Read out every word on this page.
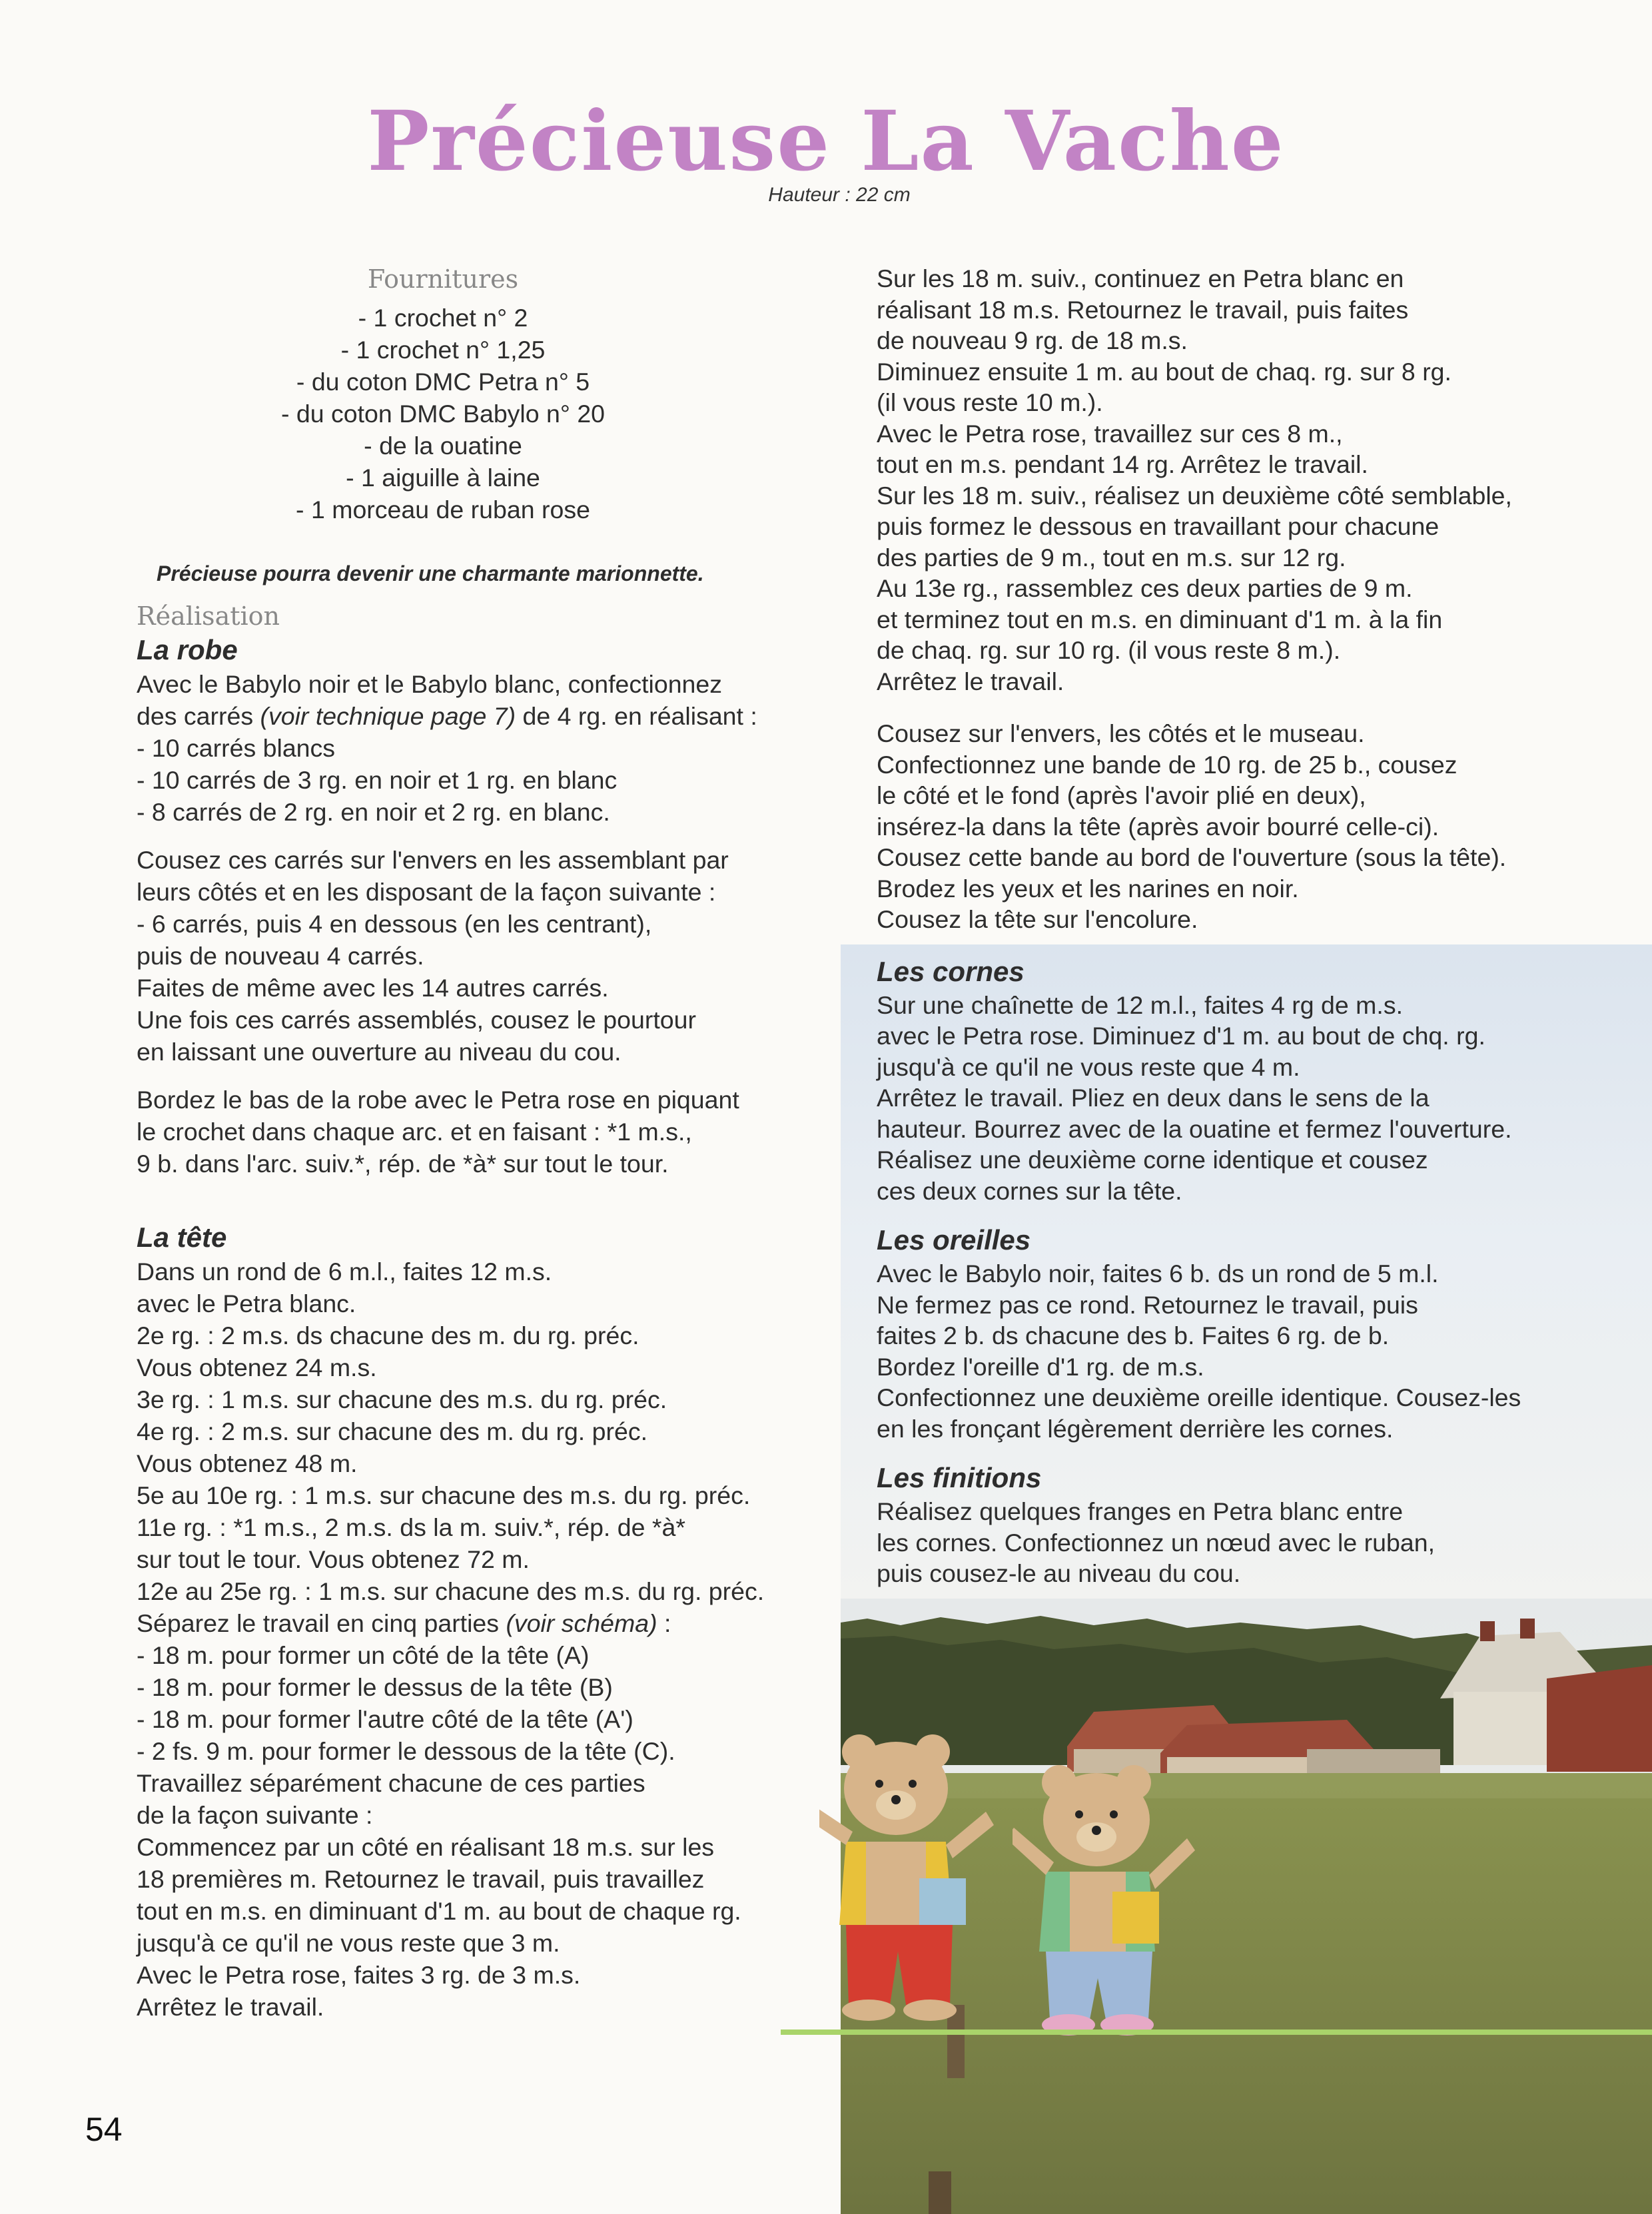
Précieuse La Vache
Hauteur : 22 cm
Fournitures
- 1 crochet n° 2
- 1 crochet n° 1,25
- du coton DMC Petra n° 5
- du coton DMC Babylo n° 20
- de la ouatine
- 1 aiguille à laine
- 1 morceau de ruban rose
Précieuse pourra devenir une charmante marionnette.
Réalisation
La robe

Avec le Babylo noir et le Babylo blanc, confectionnez
des carrés (voir technique page 7) de 4 rg. en réalisant :

- 10 carrés blancs

- 10 carrés de 3 rg. en noir et 1 rg. en blanc

- 8 carrés de 2 rg. en noir et 2 rg. en blanc.

Cousez ces carrés sur l'envers en les assemblant par
leurs côtés et en les disposant de la façon suivante :

- 6 carrés, puis 4 en dessous (en les centrant),
puis de nouveau 4 carrés.

Faites de même avec les 14 autres carrés.
Une fois ces carrés assemblés, cousez le pourtour
en laissant une ouverture au niveau du cou.

Bordez le bas de la robe avec le Petra rose en piquant
le crochet dans chaque arc. et en faisant : *1 m.s.,
9 b. dans l'arc. suiv.*, rép. de *à* sur tout le tour.

La tête

Dans un rond de 6 m.l., faites 12 m.s.

avec le Petra blanc.

2e rg. : 2 m.s. ds chacune des m. du rg. préc.

Vous obtenez 24 m.s.

3e rg. : 1 m.s. sur chacune des m.s. du rg. préc.

4e rg. : 2 m.s. sur chacune des m. du rg. préc.

Vous obtenez 48 m.

5e au 10e rg. : 1 m.s. sur chacune des m.s. du rg. préc.

11e rg. : *1 m.s., 2 m.s. ds la m. suiv.*, rép. de *à*

sur tout le tour. Vous obtenez 72 m.

12e au 25e rg. : 1 m.s. sur chacune des m.s. du rg. préc.

Séparez le travail en cinq parties (voir schéma) :

- 18 m. pour former un côté de la tête (A)

- 18 m. pour former le dessus de la tête (B)

- 18 m. pour former l'autre côté de la tête (A')

- 2 fs. 9 m. pour former le dessous de la tête (C).

Travaillez séparément chacune de ces parties
de la façon suivante :
Commencez par un côté en réalisant 18 m.s. sur les
18 premières m. Retournez le travail, puis travaillez
tout en m.s. en diminuant d'1 m. au bout de chaque rg.
jusqu'à ce qu'il ne vous reste que 3 m.
Avec le Petra rose, faites 3 rg. de 3 m.s.
Arrêtez le travail.

Sur les 18 m. suiv., continuez en Petra blanc en
réalisant 18 m.s. Retournez le travail, puis faites
de nouveau 9 rg. de 18 m.s.
Diminuez ensuite 1 m. au bout de chaq. rg. sur 8 rg.
(il vous reste 10 m.).
Avec le Petra rose, travaillez sur ces 8 m.,
tout en m.s. pendant 14 rg. Arrêtez le travail.
Sur les 18 m. suiv., réalisez un deuxième côté semblable,
puis formez le dessous en travaillant pour chacune
des parties de 9 m., tout en m.s. sur 12 rg.
Au 13e rg., rassemblez ces deux parties de 9 m.
et terminez tout en m.s. en diminuant d'1 m. à la fin
de chaq. rg. sur 10 rg. (il vous reste 8 m.).
Arrêtez le travail.

Cousez sur l'envers, les côtés et le museau.
Confectionnez une bande de 10 rg. de 25 b., cousez
le côté et le fond (après l'avoir plié en deux),
insérez-la dans la tête (après avoir bourré celle-ci).
Cousez cette bande au bord de l'ouverture (sous la tête).
Brodez les yeux et les narines en noir.
Cousez la tête sur l'encolure.

Les cornes

Sur une chaînette de 12 m.l., faites 4 rg de m.s.
avec le Petra rose. Diminuez d'1 m. au bout de chq. rg.
jusqu'à ce qu'il ne vous reste que 4 m.
Arrêtez le travail. Pliez en deux dans le sens de la
hauteur. Bourrez avec de la ouatine et fermez l'ouverture.
Réalisez une deuxième corne identique et cousez
ces deux cornes sur la tête.

Les oreilles

Avec le Babylo noir, faites 6 b. ds un rond de 5 m.l.
Ne fermez pas ce rond. Retournez le travail, puis
faites 2 b. ds chacune des b. Faites 6 rg. de b.
Bordez l'oreille d'1 rg. de m.s.
Confectionnez une deuxième oreille identique. Cousez-les
en les fronçant légèrement derrière les cornes.

Les finitions

Réalisez quelques franges en Petra blanc entre
les cornes. Confectionnez un nœud avec le ruban,
puis cousez-le au niveau du cou.

54
